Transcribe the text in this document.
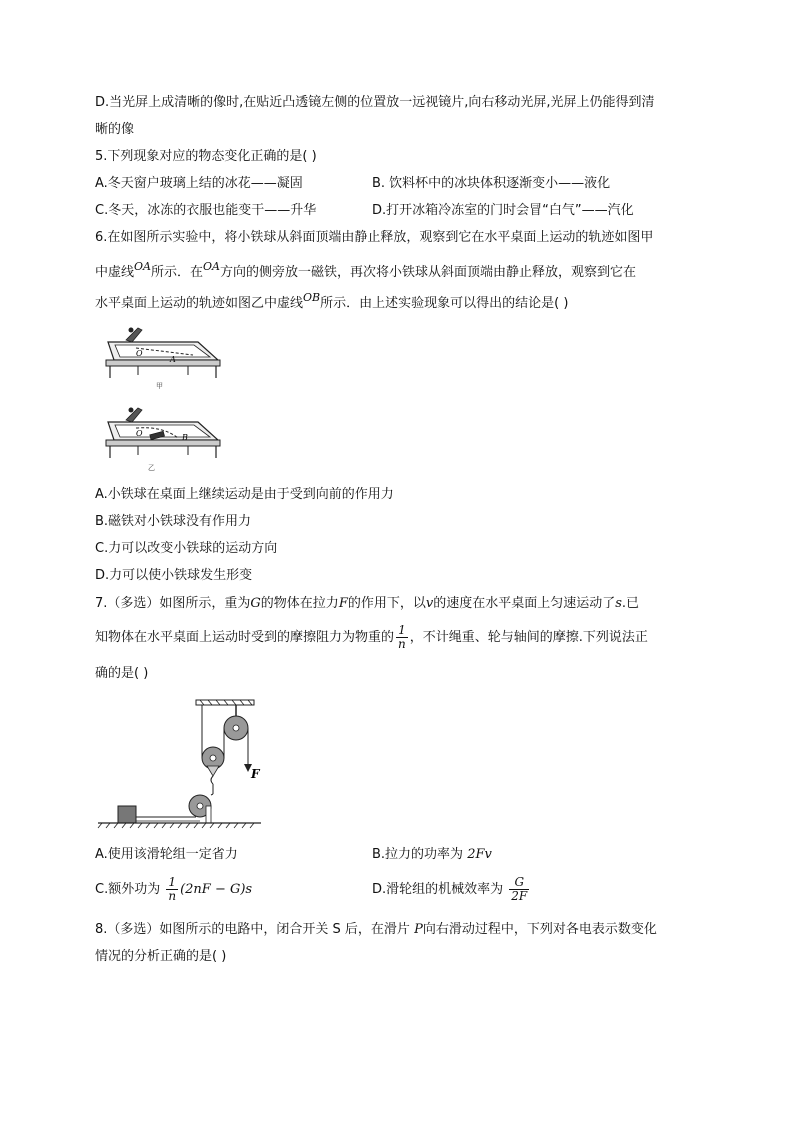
D.当光屏上成清晰的像时,在贴近凸透镜左侧的位置放一远视镜片,向右移动光屏,光屏上仍能得到清
晰的像
5.下列现象对应的物态变化正确的是( )
A.冬天窗户玻璃上结的冰花——凝固	B. 饮料杯中的冰块体积逐渐变小——液化
C.冬天，冰冻的衣服也能变干——升华	D.打开冰箱冷冻室的门时会冒“白气”——汽化
6.在如图所示实验中，将小铁球从斜面顶端由静止释放，观察到它在水平桌面上运动的轨迹如图甲
中虚线$^{OA}$所示．在$^{OA}$方向的侧旁放一磁铁，再次将小铁球从斜面顶端由静止释放，观察到它在
水平桌面上运动的轨迹如图乙中虚线$^{OB}$所示．由上述实验现象可以得出的结论是( )
O
A
甲
O	B
乙
A.小铁球在桌面上继续运动是由于受到向前的作用力
B.磁铁对小铁球没有作用力
C.力可以改变小铁球的运动方向
D.力可以使小铁球发生形变
7.（多选）如图所示，重为G的物体在拉力F的作用下，以v的速度在水平桌面上匀速运动了s.已
知物体在水平桌面上运动时受到的摩擦阻力为物重的 $\frac{1}{n}$ ，不计绳重、轮与轴间的摩擦.下列说法正
确的是( )
F
A.使用该滑轮组一定省力	B.拉力的功率为 2Fv
C.额外功为 $\frac{1}{n} (2nF - G)s$	D.滑轮组的机械效率为 $\frac{G}{2F}$
8.（多选）如图所示的电路中，闭合开关 S 后，在滑片 P向右滑动过程中，下列对各电表示数变化
情况的分析正确的是( )
